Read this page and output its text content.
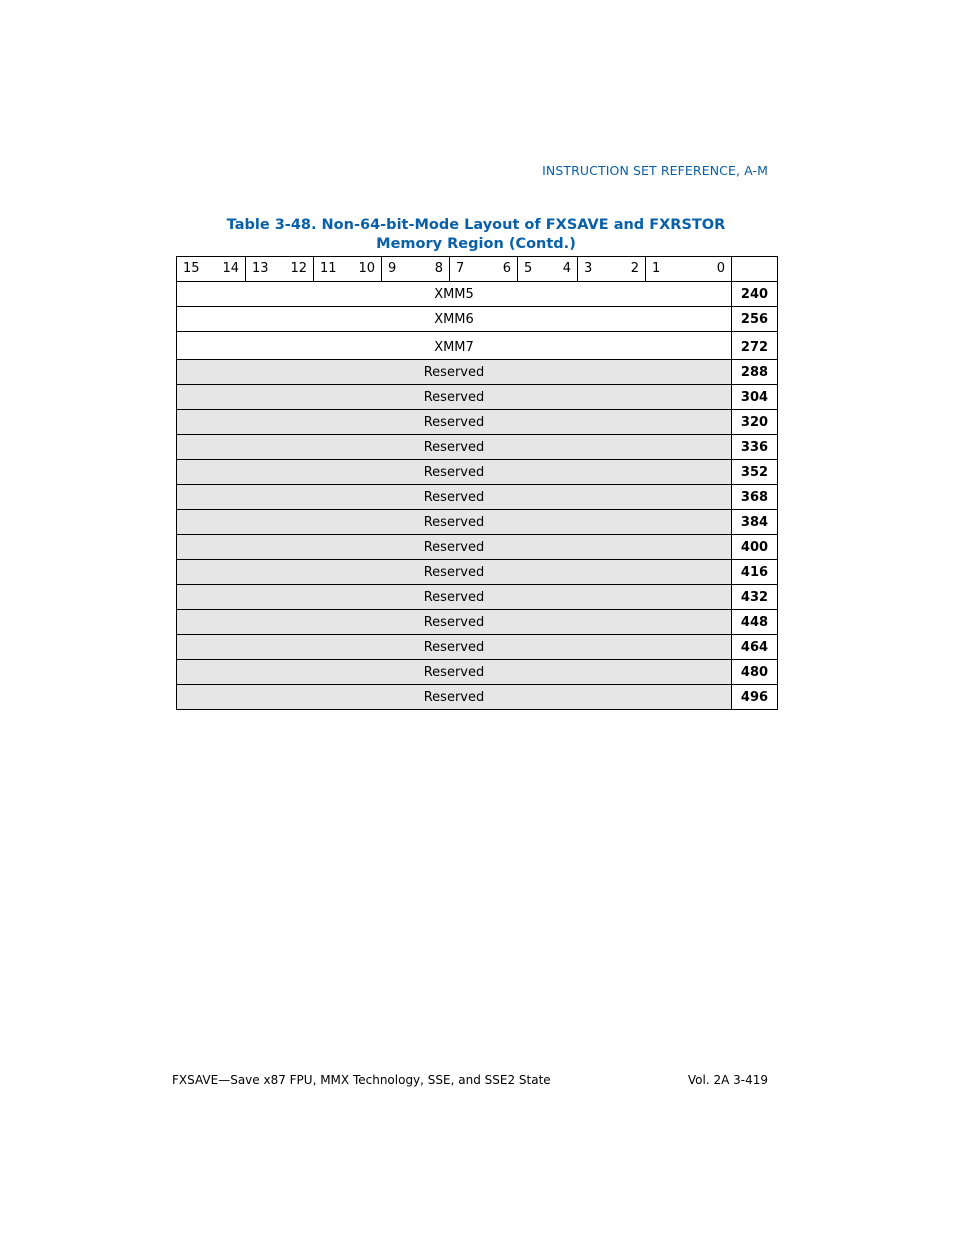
INSTRUCTION SET REFERENCE, A-M
Table 3-48. Non-64-bit-Mode Layout of FXSAVE and FXRSTOR
Memory Region (Contd.)
15 14	13 12	11 10	9 8	7 6	5 4	3 2	1 0	

XMM5								240
XMM6								256
XMM7								272
Reserved								288
Reserved								304
Reserved								320
Reserved								336
Reserved								352
Reserved								368
Reserved								384
Reserved								400
Reserved								416
Reserved								432
Reserved								448
Reserved								464
Reserved								480
Reserved								496
FXSAVE—Save x87 FPU, MMX Technology, SSE, and SSE2 State	Vol. 2A 3-419
